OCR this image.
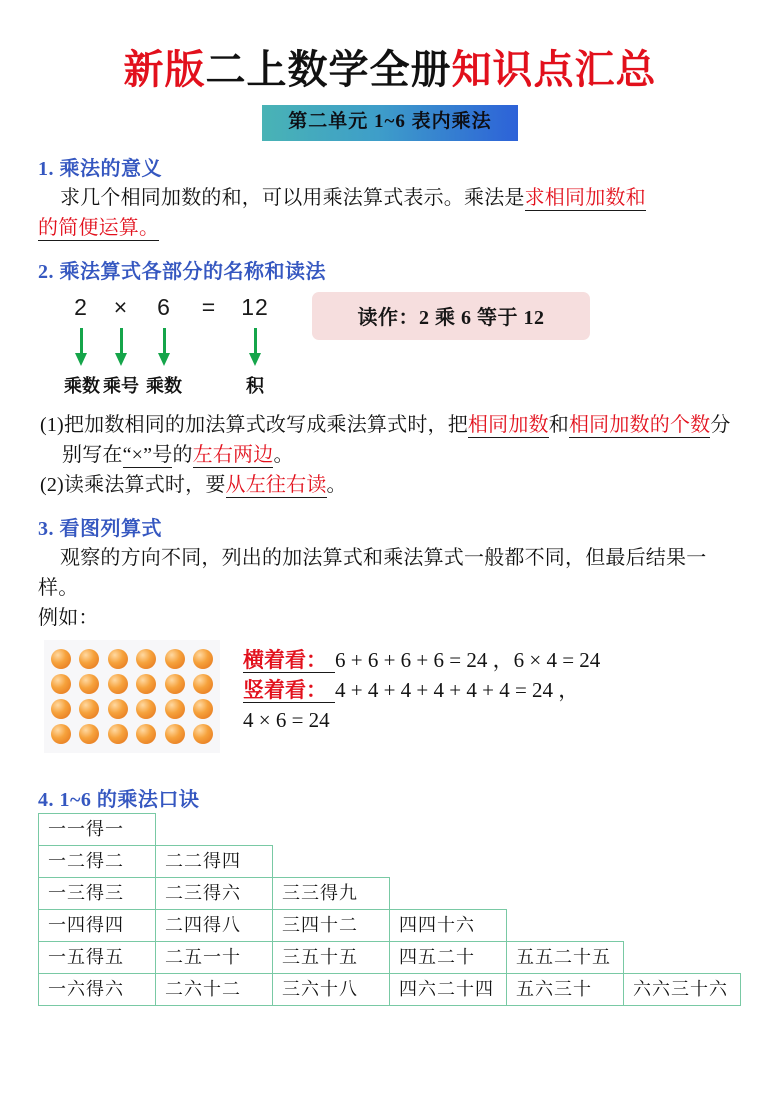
新版二上数学全册知识点汇总
第二单元 1~6 表内乘法
1. 乘法的意义

求几个相同加数的和，可以用乘法算式表示。乘法是求相同加数和
的简便运算。

2. 乘法算式各部分的名称和读法
2 × 6 = 12
乘数 乘号 乘数	积
读作：2 乘 6 等于 12

(1)把加数相同的加法算式改写成乘法算式时，把相同加数和相同加数的个数分别写在“×”号的左右两边。

(2)读乘法算式时，要从左往右读。

3. 看图列算式

观察的方向不同，列出的加法算式和乘法算式一般都不同，但最后结果一样。

例如：

横着看： 6 + 6 + 6 + 6 = 24 ，6 × 4 = 24
竖着看： 4 + 4 + 4 + 4 + 4 + 4 = 24 ，
4 × 6 = 24
4. 1~6 的乘法口诀
一一得一
一二得二	二二得四
一三得三	二三得六	三三得九
一四得四	二四得八	三四十二	四四十六
一五得五	二五一十	三五十五	四五二十	五五二十五
一六得六	二六十二	三六十八	四六二十四	五六三十	六六三十六
